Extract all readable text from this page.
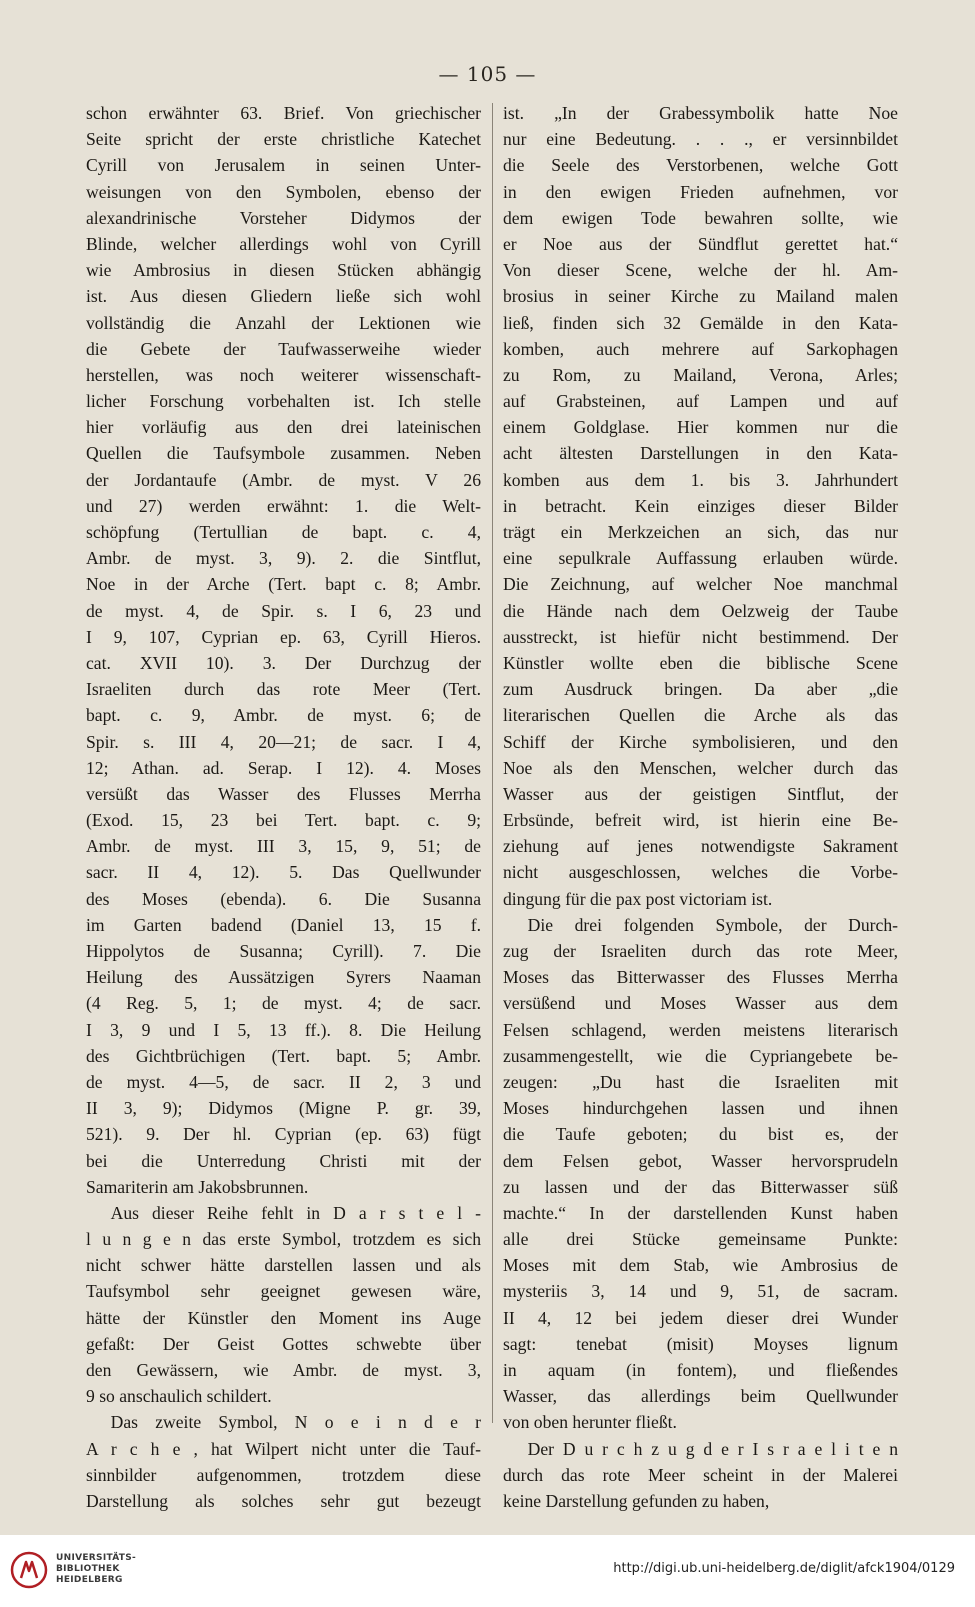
— 105 —
schon erwähnter 63. Brief. Von griechischer
Seite spricht der erste christliche Katechet
Cyrill von Jerusalem in seinen Unter-
weisungen von den Symbolen, ebenso der
alexandrinische Vorsteher Didymos der
Blinde, welcher allerdings wohl von Cyrill
wie Ambrosius in diesen Stücken abhängig
ist. Aus diesen Gliedern ließe sich wohl
vollständig die Anzahl der Lektionen wie
die Gebete der Taufwasserweihe wieder
herstellen, was noch weiterer wissenschaft-
licher Forschung vorbehalten ist. Ich stelle
hier vorläufig aus den drei lateinischen
Quellen die Taufsymbole zusammen. Neben
der Jordantaufe (Ambr. de myst. V 26
und 27) werden erwähnt: 1. die Welt-
schöpfung (Tertullian de bapt. c. 4,
Ambr. de myst. 3, 9). 2. die Sintflut,
Noe in der Arche (Tert. bapt c. 8; Ambr.
de myst. 4, de Spir. s. I 6, 23 und
I 9, 107, Cyprian ep. 63, Cyrill Hieros.
cat. XVII 10). 3. Der Durchzug der
Israeliten durch das rote Meer (Tert.
bapt. c. 9, Ambr. de myst. 6; de
Spir. s. III 4, 20—21; de sacr. I 4,
12; Athan. ad. Serap. I 12). 4. Moses
versüßt das Wasser des Flusses Merrha
(Exod. 15, 23 bei Tert. bapt. c. 9;
Ambr. de myst. III 3, 15, 9, 51; de
sacr. II 4, 12). 5. Das Quellwunder
des Moses (ebenda). 6. Die Susanna
im Garten badend (Daniel 13, 15 f.
Hippolytos de Susanna; Cyrill). 7. Die
Heilung des Aussätzigen Syrers Naaman
(4 Reg. 5, 1; de myst. 4; de sacr.
I 3, 9 und I 5, 13 ff.). 8. Die Heilung
des Gichtbrüchigen (Tert. bapt. 5; Ambr.
de myst. 4—5, de sacr. II 2, 3 und
II 3, 9); Didymos (Migne P. gr. 39,
521). 9. Der hl. Cyprian (ep. 63) fügt
bei die Unterredung Christi mit der
Samariterin am Jakobsbrunnen.
Aus dieser Reihe fehlt in D a r s t e l -
l u n g e n das erste Symbol, trotzdem es sich
nicht schwer hätte darstellen lassen und als
Taufsymbol sehr geeignet gewesen wäre,
hätte der Künstler den Moment ins Auge
gefaßt: Der Geist Gottes schwebte über
den Gewässern, wie Ambr. de myst. 3,
9 so anschaulich schildert.
Das zweite Symbol, N o e i n d e r
A r c h e , hat Wilpert nicht unter die Tauf-
sinnbilder aufgenommen, trotzdem diese
Darstellung als solches sehr gut bezeugt
ist. „In der Grabessymbolik hatte Noe
nur eine Bedeutung. . . ., er versinnbildet
die Seele des Verstorbenen, welche Gott
in den ewigen Frieden aufnehmen, vor
dem ewigen Tode bewahren sollte, wie
er Noe aus der Sündflut gerettet hat.“
Von dieser Scene, welche der hl. Am-
brosius in seiner Kirche zu Mailand malen
ließ, finden sich 32 Gemälde in den Kata-
komben, auch mehrere auf Sarkophagen
zu Rom, zu Mailand, Verona, Arles;
auf Grabsteinen, auf Lampen und auf
einem Goldglase. Hier kommen nur die
acht ältesten Darstellungen in den Kata-
komben aus dem 1. bis 3. Jahrhundert
in betracht. Kein einziges dieser Bilder
trägt ein Merkzeichen an sich, das nur
eine sepulkrale Auffassung erlauben würde.
Die Zeichnung, auf welcher Noe manchmal
die Hände nach dem Oelzweig der Taube
ausstreckt, ist hiefür nicht bestimmend. Der
Künstler wollte eben die biblische Scene
zum Ausdruck bringen. Da aber „die
literarischen Quellen die Arche als das
Schiff der Kirche symbolisieren, und den
Noe als den Menschen, welcher durch das
Wasser aus der geistigen Sintflut, der
Erbsünde, befreit wird, ist hierin eine Be-
ziehung auf jenes notwendigste Sakrament
nicht ausgeschlossen, welches die Vorbe-
dingung für die pax post victoriam ist.
Die drei folgenden Symbole, der Durch-
zug der Israeliten durch das rote Meer,
Moses das Bitterwasser des Flusses Merrha
versüßend und Moses Wasser aus dem
Felsen schlagend, werden meistens literarisch
zusammengestellt, wie die Cypriangebete be-
zeugen: „Du hast die Israeliten mit
Moses hindurchgehen lassen und ihnen
die Taufe geboten; du bist es, der
dem Felsen gebot, Wasser hervorsprudeln
zu lassen und der das Bitterwasser süß
machte.“ In der darstellenden Kunst haben
alle drei Stücke gemeinsame Punkte:
Moses mit dem Stab, wie Ambrosius de
mysteriis 3, 14 und 9, 51, de sacram.
II 4, 12 bei jedem dieser drei Wunder
sagt: tenebat (misit) Moyses lignum
in aquam (in fontem), und fließendes
Wasser, das allerdings beim Quellwunder
von oben herunter fließt.
Der D u r c h z u g d e r I s r a e l i t e n
durch das rote Meer scheint in der Malerei
keine Darstellung gefunden zu haben,
UNIVERSITÄTS-
BIBLIOTHEK
HEIDELBERG
http://digi.ub.uni-heidelberg.de/diglit/afck1904/0129
